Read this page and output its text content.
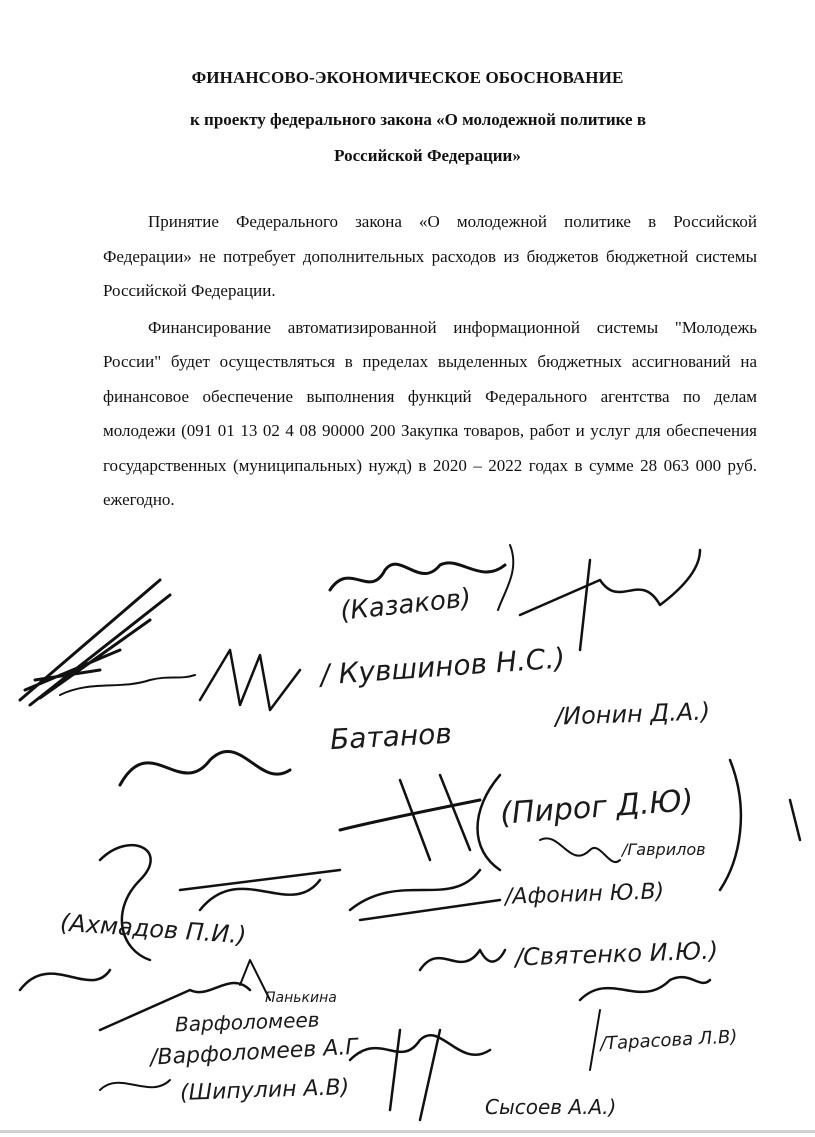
ФИНАНСОВО-ЭКОНОМИЧЕСКОЕ ОБОСНОВАНИЕ
к проекту федерального закона «О молодежной политике в
Российской Федерации»

Принятие Федерального закона «О молодежной политике в Российской Федерации» не потребует дополнительных расходов из бюджетов бюджетной системы Российской Федерации.

Финансирование автоматизированной информационной системы "Молодежь России" будет осуществляться в пределах выделенных бюджетных ассигнований на финансовое обеспечение выполнения функций Федерального агентства по делам молодежи (091 01 13 02 4 08 90000 200 Закупка товаров, работ и услуг для обеспечения государственных (муниципальных) нужд) в 2020 – 2022 годах в сумме 28 063 000 руб. ежегодно.

(Казаков)
/ Кувшинов Н.С.)
Батанов
/Ионин Д.А.)
(Пирог Д.Ю)
/Гаврилов
/Афонин Ю.В)
(Ахмадов П.И.)
/Святенко И.Ю.)
Панькина
Варфоломеев
/Варфоломеев А.Г.	/Тарасова Л.В)
(Шипулин А.В)
Сысоев А.А.)
